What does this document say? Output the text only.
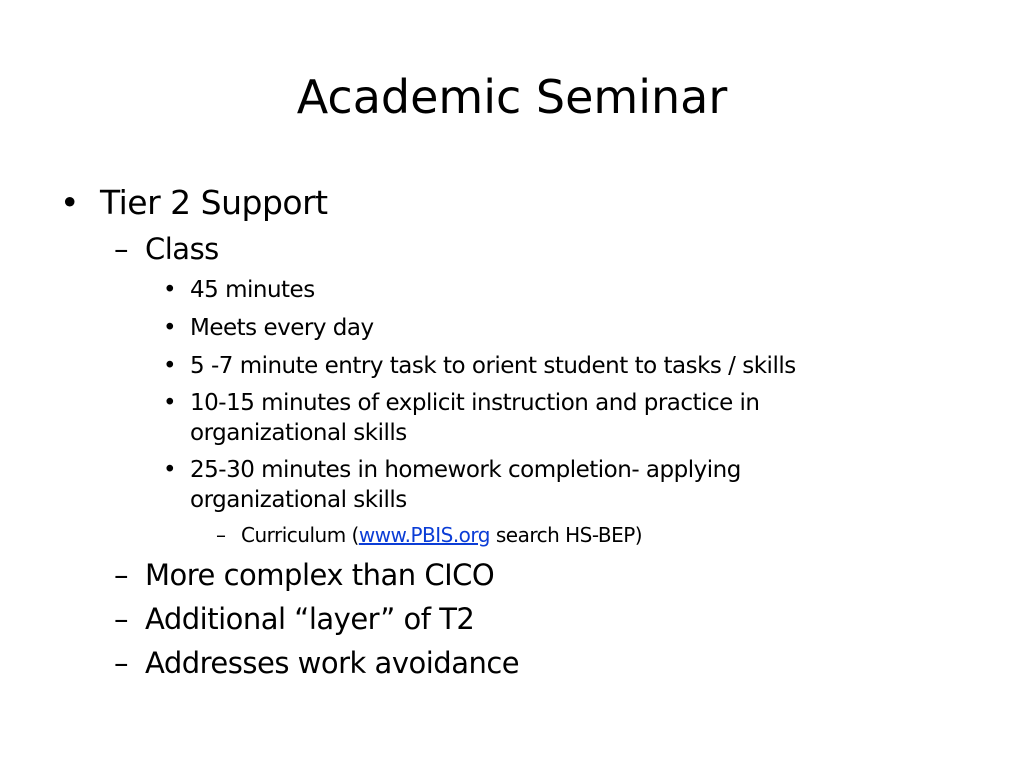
Academic Seminar
• Tier 2 Support
– Class
• 45 minutes
• Meets every day
• 5 -7 minute entry task to orient student to tasks / skills
• 10-15 minutes of explicit instruction and practice in
organizational skills
• 25-30 minutes in homework completion- applying
organizational skills
– Curriculum (www.PBIS.org search HS-BEP)
– More complex than CICO
– Additional “layer” of T2
– Addresses work avoidance
